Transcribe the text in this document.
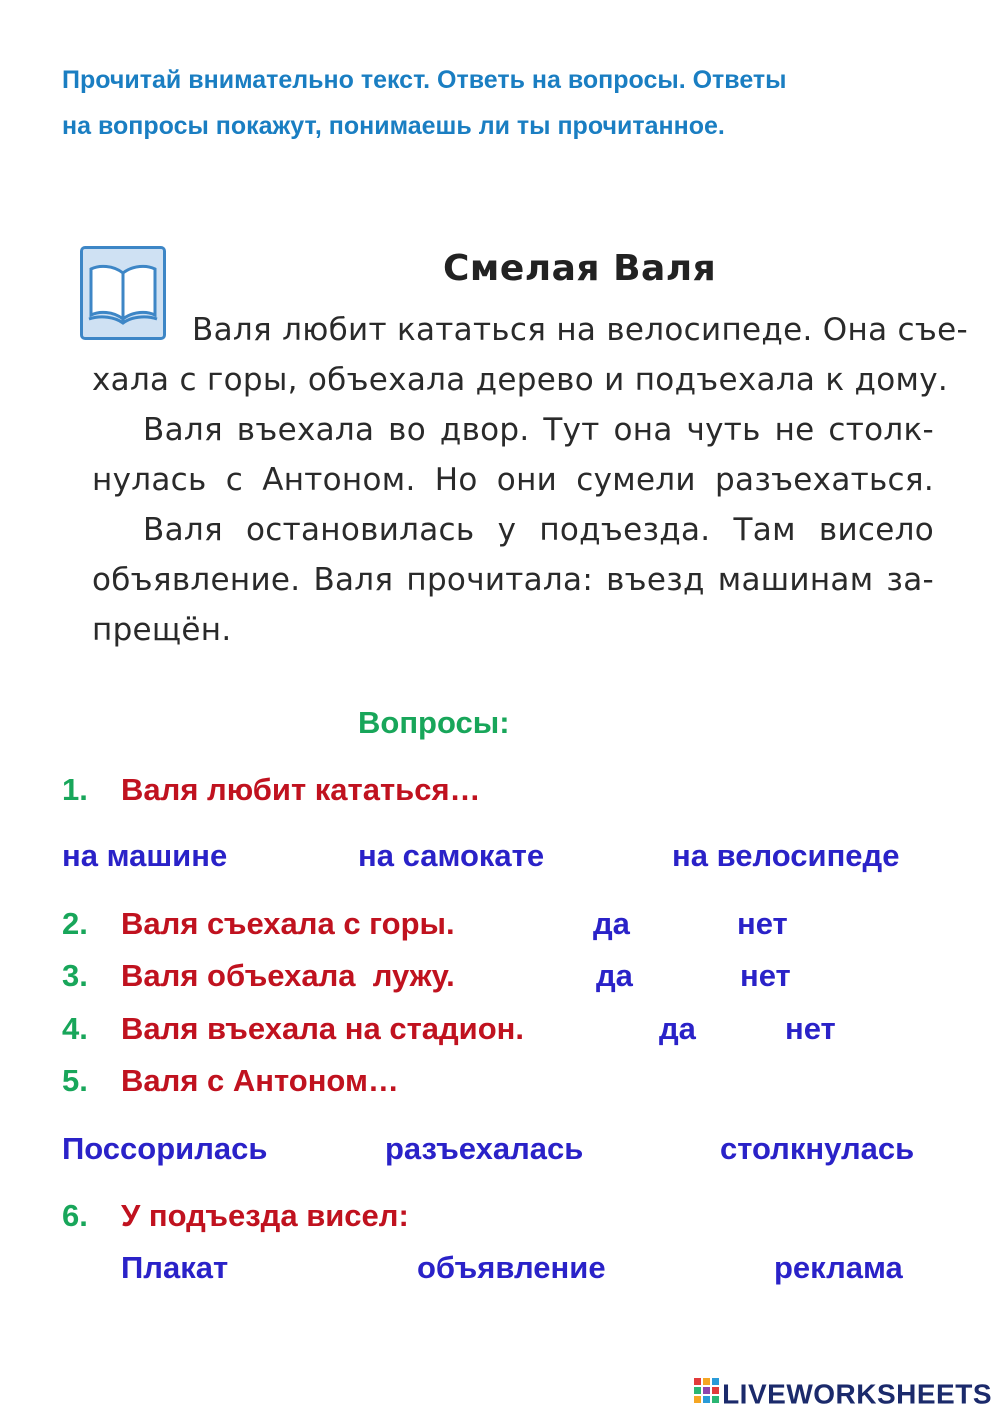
Прочитай внимательно текст. Ответь на вопросы. Ответы
на вопросы покажут, понимаешь ли ты прочитанное.
Смелая Валя
Валя любит кататься на велосипеде. Она съе-
хала с горы, объехала дерево и подъехала к дому.
Валя въехала во двор. Тут она чуть не столк-
нулась с Антоном. Но они сумели разъехаться.
Валя остановилась у подъезда. Там висело
объявление. Валя прочитала: въезд машинам за-
прещён.
Вопросы:
1. Валя любит кататься…
на машине	на самокате	на велосипеде
2. Валя съехала с горы.	да	нет
3. Валя объехала  лужу.	да	нет
4. Валя въехала на стадион.	да	нет
5. Валя с Антоном…
Поссорилась	разъехалась	столкнулась
6. У подъезда висел:
Плакат	объявление	реклама
LIVEWORKSHEETS
